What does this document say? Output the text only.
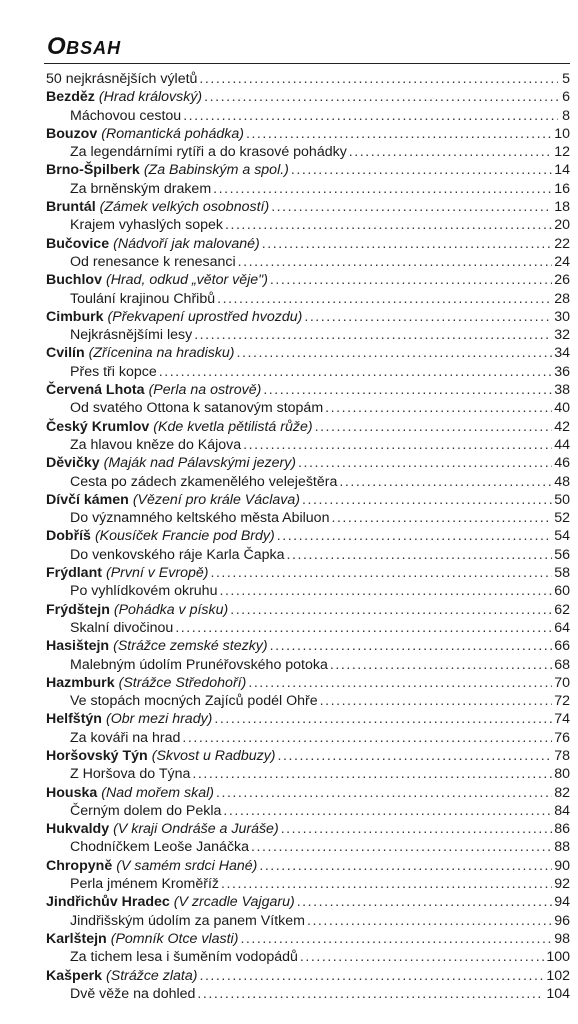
OBSAH
50 nejkrásnějších výletů . . .	5
Bezděz (Hrad královský) . . .	6
Máchovou cestou . . .	8
Bouzov (Romantická pohádka) . . .	10
Za legendárními rytíři a do krasové pohádky . . .	12
Brno-Špilberk (Za Babinským a spol.) . . .	14
Za brněnským drakem . . .	16
Bruntál (Zámek velkých osobností) . . .	18
Krajem vyhaslých sopek . . .	20
Bučovice (Nádvoří jak malované) . . .	22
Od renesance k renesanci . . .	24
Buchlov (Hrad, odkud „větor věje") . . .	26
Toulání krajinou Chřibů . . .	28
Cimburk (Překvapení uprostřed hvozdu) . . .	30
Nejkrásnějšími lesy . . .	32
Cvilín (Zřícenina na hradisku) . . .	34
Přes tři kopce . . .	36
Červená Lhota (Perla na ostrově) . . .	38
Od svatého Ottona k satanovým stopám . . .	40
Český Krumlov (Kde kvetla pětilistá růže) . . .	42
Za hlavou kněze do Kájova . . .	44
Děvičky (Maják nad Pálavskými jezery) . . .	46
Cesta po zádech zkamenělého veleještěra . . .	48
Dívčí kámen (Vězení pro krále Václava) . . .	50
Do významného keltského města Abiluon . . .	52
Dobříš (Kousíček Francie pod Brdy) . . .	54
Do venkovského ráje Karla Čapka . . .	56
Frýdlant (První v Evropě) . . .	58
Po vyhlídkovém okruhu . . .	60
Frýdštejn (Pohádka v písku) . . .	62
Skalní divočinou . . .	64
Hasištejn (Strážce zemské stezky) . . .	66
Malebným údolím Prunéřovského potoka . . .	68
Hazmburk (Strážce Středohoří) . . .	70
Ve stopách mocných Zajíců podél Ohře . . .	72
Helfštýn (Obr mezi hrady) . . .	74
Za kováři na hrad . . .	76
Horšovský Týn (Skvost u Radbuzy) . . .	78
Z Horšova do Týna . . .	80
Houska (Nad mořem skal) . . .	82
Černým dolem do Pekla . . .	84
Hukvaldy (V kraji Ondráše a Juráše) . . .	86
Chodníčkem Leoše Janáčka . . .	88
Chropyně (V samém srdci Hané) . . .	90
Perla jménem Kroměříž . . .	92
Jindřichův Hradec (V zrcadle Vajgaru) . . .	94
Jindřišským údolím za panem Vítkem . . .	96
Karlštejn (Pomník Otce vlasti) . . .	98
Za tichem lesa i šuměním vodopádů . . .	100
Kašperk (Strážce zlata) . . .	102
Dvě věže na dohled . . .	104
